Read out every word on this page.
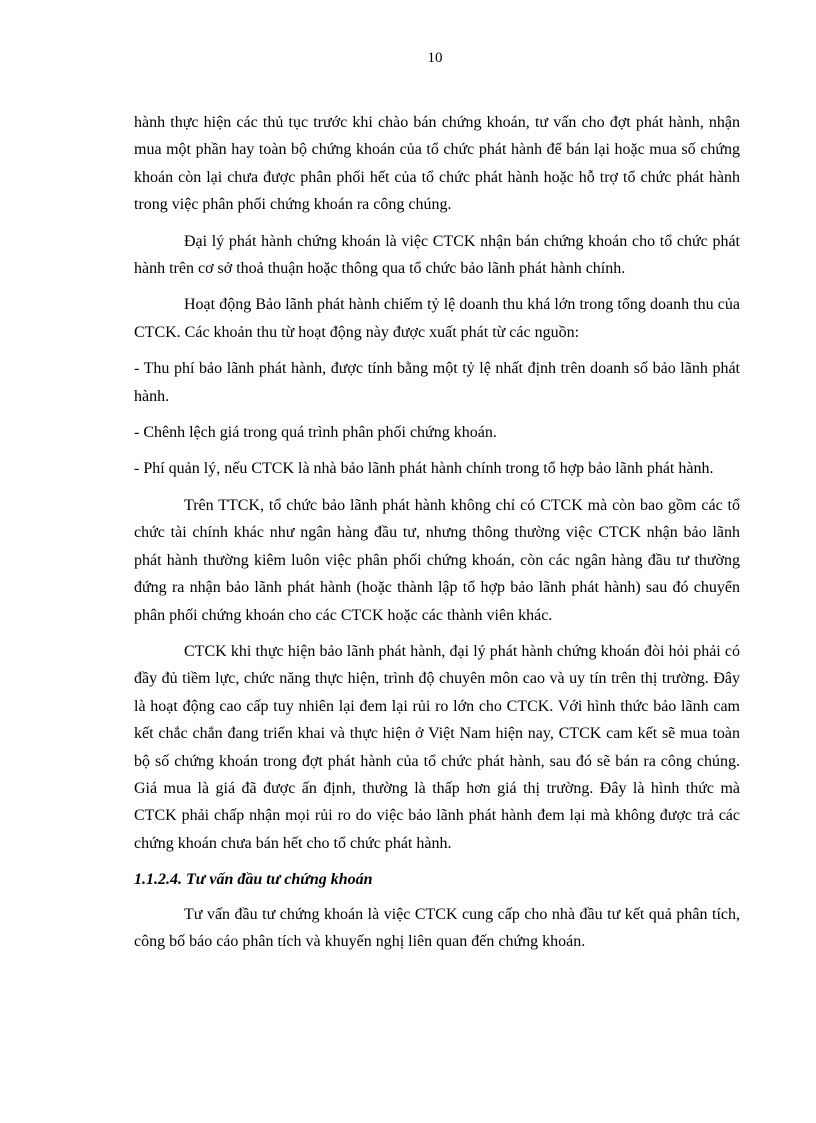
10

hành thực hiện các thủ tục trước khi chào bán chứng khoán, tư vấn cho đợt phát hành, nhận mua một phần hay toàn bộ chứng khoán của tổ chức phát hành để bán lại hoặc mua số chứng khoán còn lại chưa được phân phối hết của tổ chức phát hành hoặc hỗ trợ tổ chức phát hành trong việc phân phối chứng khoán ra công chúng.

Đại lý phát hành chứng khoán là việc CTCK nhận bán chứng khoán cho tổ chức phát hành trên cơ sở thoả thuận hoặc thông qua tổ chức bảo lãnh phát hành chính.

Hoạt động Bảo lãnh phát hành chiếm tỷ lệ doanh thu khá lớn trong tổng doanh thu của CTCK. Các khoản thu từ hoạt động này được xuất phát từ các nguồn:

- Thu phí bảo lãnh phát hành, được tính bằng một tỷ lệ nhất định trên doanh số bảo lãnh phát hành.

- Chênh lệch giá trong quá trình phân phối chứng khoán.

- Phí quản lý, nếu CTCK là nhà bảo lãnh phát hành chính trong tổ hợp bảo lãnh phát hành.

Trên TTCK, tổ chức bảo lãnh phát hành không chỉ có CTCK mà còn bao gồm các tổ chức tài chính khác như ngân hàng đầu tư, nhưng thông thường việc CTCK nhận bảo lãnh phát hành thường kiêm luôn việc phân phối chứng khoán, còn các ngân hàng đầu tư thường đứng ra nhận bảo lãnh phát hành (hoặc thành lập tổ hợp bảo lãnh phát hành) sau đó chuyển phân phối chứng khoán cho các CTCK hoặc các thành viên khác.

CTCK khi thực hiện bảo lãnh phát hành, đại lý phát hành chứng khoán đòi hỏi phải có đầy đủ tiềm lực, chức năng thực hiện, trình độ chuyên môn cao và uy tín trên thị trường. Đây là hoạt động cao cấp tuy nhiên lại đem lại rủi ro lớn cho CTCK. Với hình thức bảo lãnh cam kết chắc chắn đang triển khai và thực hiện ở Việt Nam hiện nay, CTCK cam kết sẽ mua toàn bộ số chứng khoán trong đợt phát hành của tổ chức phát hành, sau đó sẽ bán ra công chúng. Giá mua là giá đã được ấn định, thường là thấp hơn giá thị trường. Đây là hình thức mà CTCK phải chấp nhận mọi rủi ro do việc bảo lãnh phát hành đem lại mà không được trả các chứng khoán chưa bán hết cho tổ chức phát hành.

1.1.2.4. Tư vấn đầu tư chứng khoán

Tư vấn đầu tư chứng khoán là việc CTCK cung cấp cho nhà đầu tư kết quả phân tích, công bố báo cáo phân tích và khuyến nghị liên quan đến chứng khoán.
